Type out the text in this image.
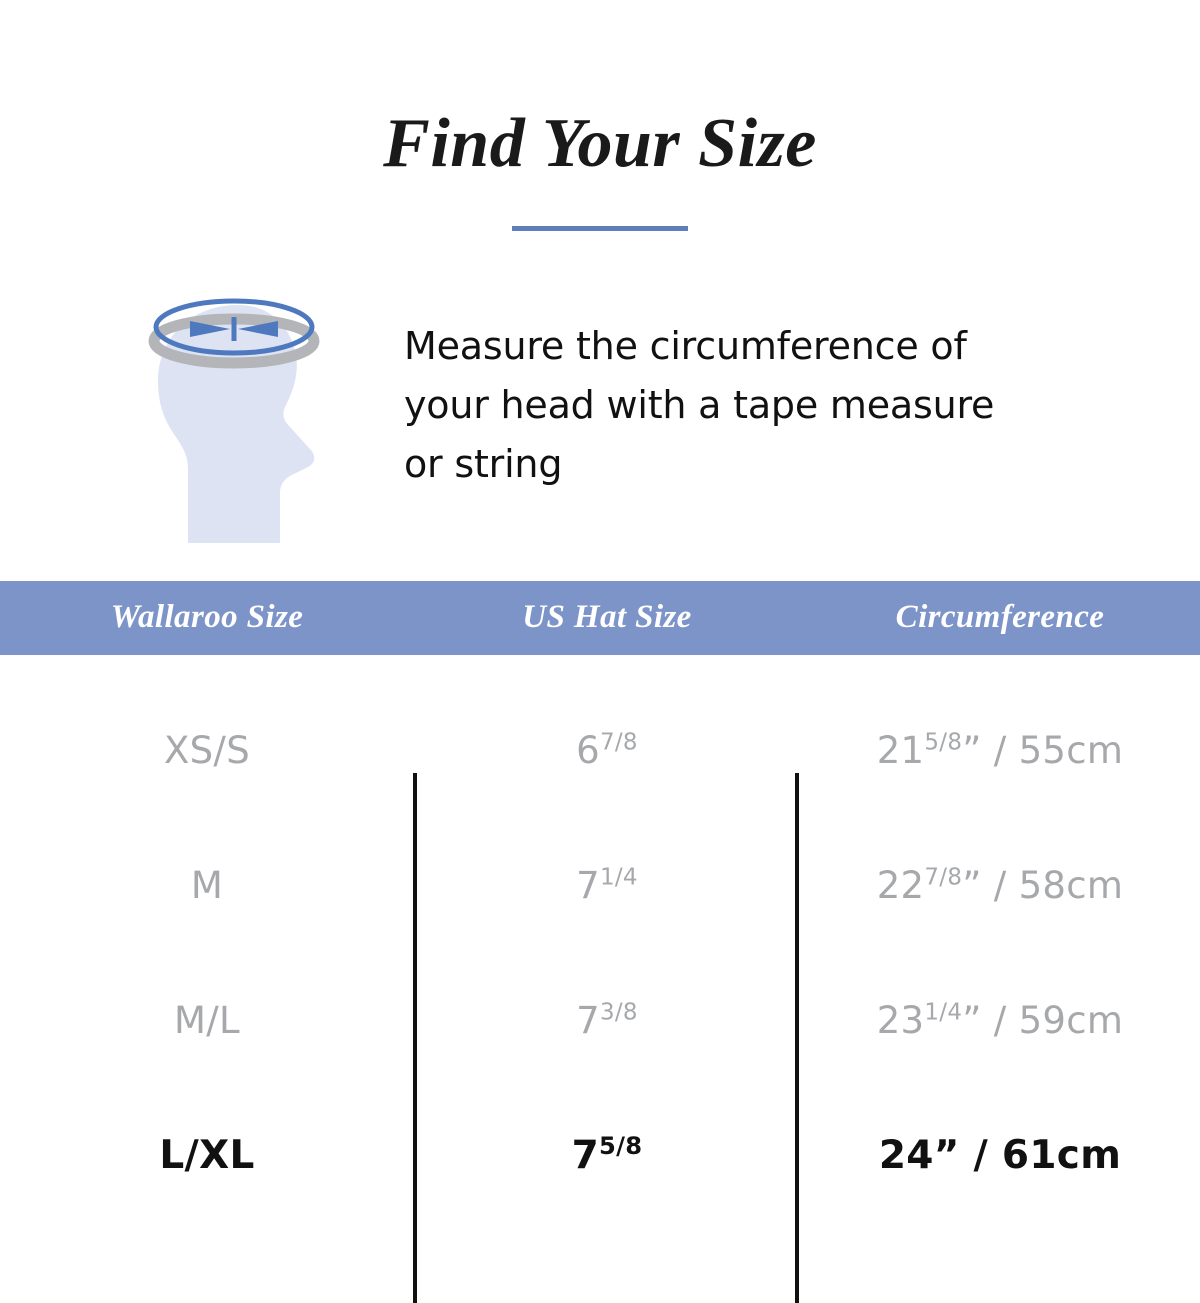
Find Your Size
Measure the circumference of your head with a tape measure or string
Wallaroo Size	US Hat Size	Circumference
XS/S	$6^{7/8}$	$21^{5/8}$” / 55cm
M	$7^{1/4}$	$22^{7/8}$” / 58cm
M/L	$7^{3/8}$	$23^{1/4}$” / 59cm
L/XL	$7^{5/8}$	24” / 61cm
